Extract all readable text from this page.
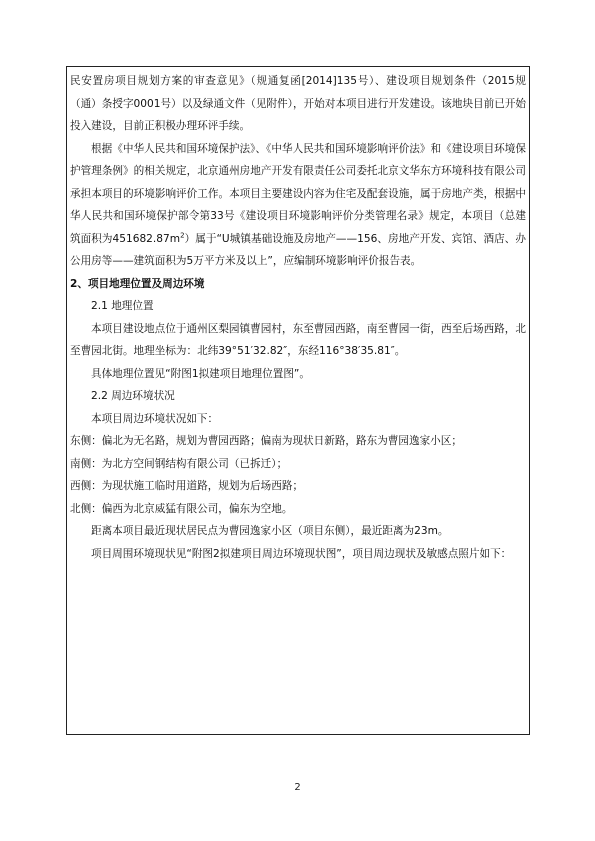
民安置房项目规划方案的审查意见》（规通复函[2014]135号）、建设项目规划条件（2015规（通）条授字0001号）以及绿通文件（见附件），开始对本项目进行开发建设。该地块目前已开始投入建设，目前正积极办理环评手续。

根据《中华人民共和国环境保护法》、《中华人民共和国环境影响评价法》和《建设项目环境保护管理条例》的相关规定，北京通州房地产开发有限责任公司委托北京文华东方环境科技有限公司承担本项目的环境影响评价工作。本项目主要建设内容为住宅及配套设施，属于房地产类，根据中华人民共和国环境保护部令第33号《建设项目环境影响评价分类管理名录》规定，本项目（总建筑面积为$451682.87m^2$）属于“U城镇基础设施及房地产——156、房地产开发、宾馆、酒店、办公用房等——建筑面积为5万平方米及以上”，应编制环境影响评价报告表。

2、项目地理位置及周边环境

2.1 地理位置

本项目建设地点位于通州区梨园镇曹园村，东至曹园西路，南至曹园一街，西至后场西路，北至曹园北街。地理坐标为：北纬39°51′32.82″，东经116°38′35.81″。

具体地理位置见“附图1拟建项目地理位置图”。

2.2 周边环境状况

本项目周边环境状况如下：

东侧：偏北为无名路，规划为曹园西路；偏南为现状日新路，路东为曹园逸家小区；

南侧：为北方空间钢结构有限公司（已拆迁）；

西侧：为现状施工临时用道路，规划为后场西路；

北侧：偏西为北京威猛有限公司，偏东为空地。

距离本项目最近现状居民点为曹园逸家小区（项目东侧），最近距离为23m。

项目周围环境现状见“附图2拟建项目周边环境现状图”，项目周边现状及敏感点照片如下：

2
